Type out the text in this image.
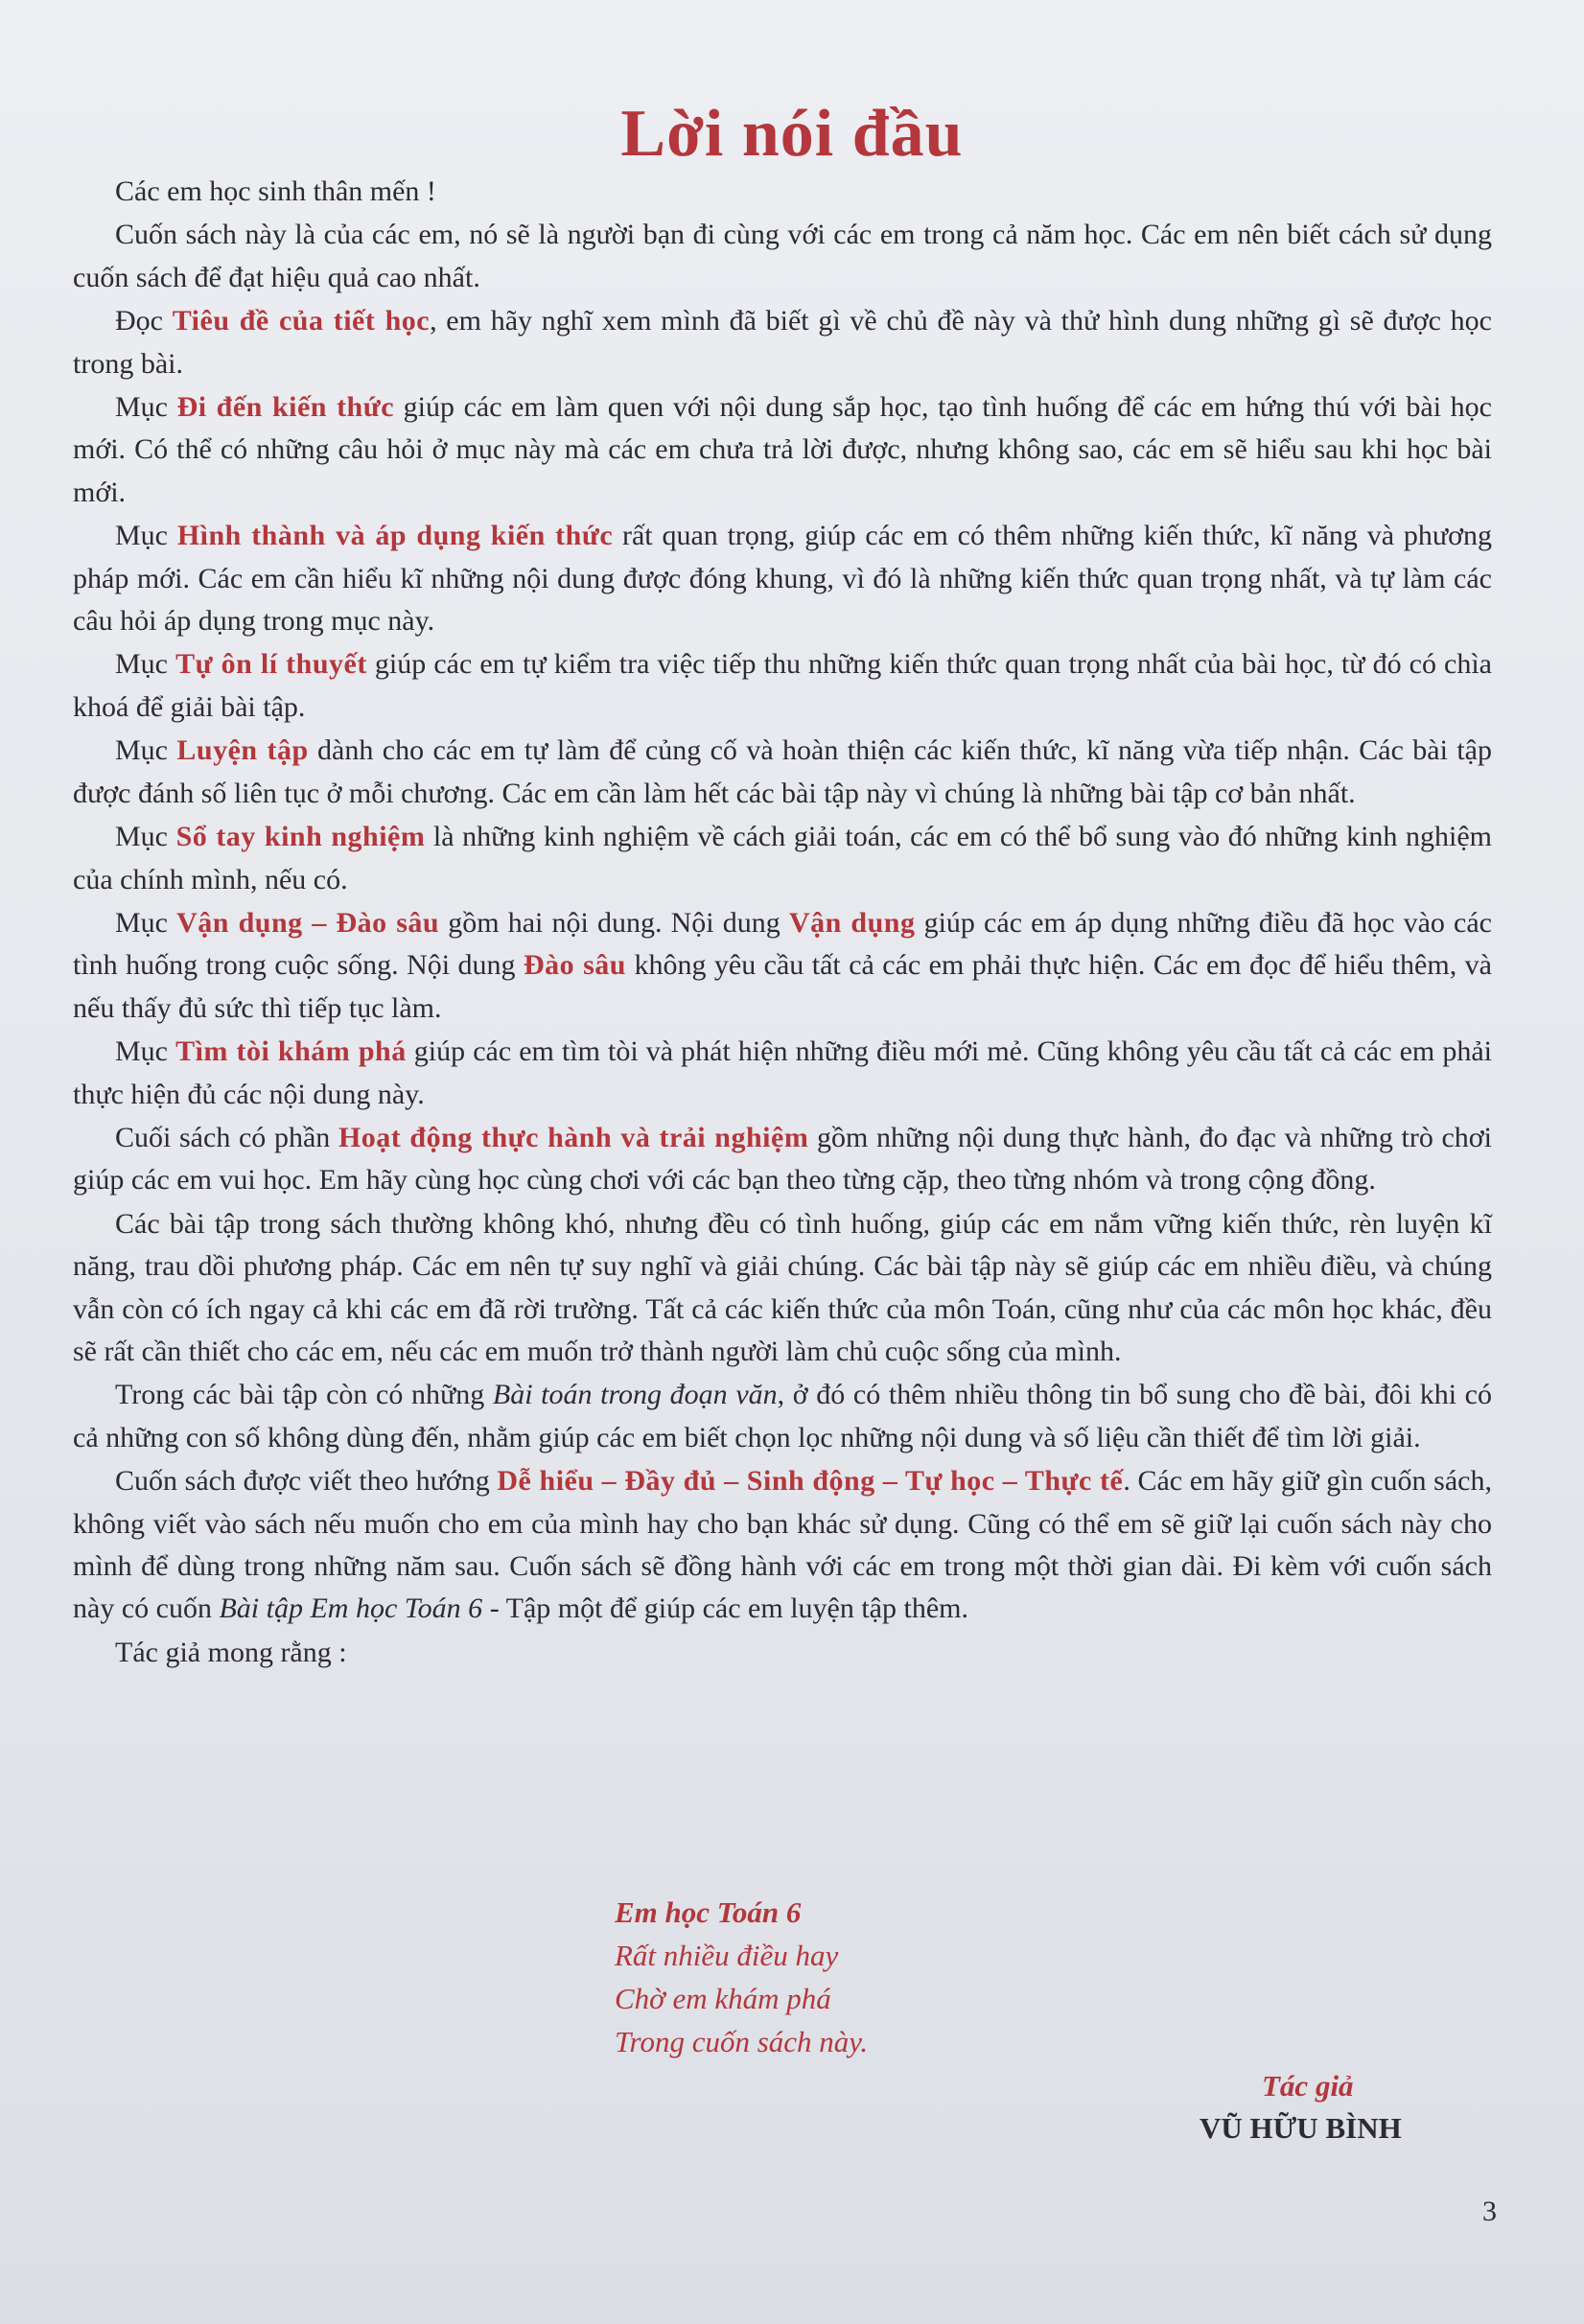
Lời nói đầu

Các em học sinh thân mến !

Cuốn sách này là của các em, nó sẽ là người bạn đi cùng với các em trong cả năm học. Các em nên biết cách sử dụng cuốn sách để đạt hiệu quả cao nhất.

Đọc Tiêu đề của tiết học, em hãy nghĩ xem mình đã biết gì về chủ đề này và thử hình dung những gì sẽ được học trong bài.

Mục Đi đến kiến thức giúp các em làm quen với nội dung sắp học, tạo tình huống để các em hứng thú với bài học mới. Có thể có những câu hỏi ở mục này mà các em chưa trả lời được, nhưng không sao, các em sẽ hiểu sau khi học bài mới.

Mục Hình thành và áp dụng kiến thức rất quan trọng, giúp các em có thêm những kiến thức, kĩ năng và phương pháp mới. Các em cần hiểu kĩ những nội dung được đóng khung, vì đó là những kiến thức quan trọng nhất, và tự làm các câu hỏi áp dụng trong mục này.

Mục Tự ôn lí thuyết giúp các em tự kiểm tra việc tiếp thu những kiến thức quan trọng nhất của bài học, từ đó có chìa khoá để giải bài tập.

Mục Luyện tập dành cho các em tự làm để củng cố và hoàn thiện các kiến thức, kĩ năng vừa tiếp nhận. Các bài tập được đánh số liên tục ở mỗi chương. Các em cần làm hết các bài tập này vì chúng là những bài tập cơ bản nhất.

Mục Sổ tay kinh nghiệm là những kinh nghiệm về cách giải toán, các em có thể bổ sung vào đó những kinh nghiệm của chính mình, nếu có.

Mục Vận dụng – Đào sâu gồm hai nội dung. Nội dung Vận dụng giúp các em áp dụng những điều đã học vào các tình huống trong cuộc sống. Nội dung Đào sâu không yêu cầu tất cả các em phải thực hiện. Các em đọc để hiểu thêm, và nếu thấy đủ sức thì tiếp tục làm.

Mục Tìm tòi khám phá giúp các em tìm tòi và phát hiện những điều mới mẻ. Cũng không yêu cầu tất cả các em phải thực hiện đủ các nội dung này.

Cuối sách có phần Hoạt động thực hành và trải nghiệm gồm những nội dung thực hành, đo đạc và những trò chơi giúp các em vui học. Em hãy cùng học cùng chơi với các bạn theo từng cặp, theo từng nhóm và trong cộng đồng.

Các bài tập trong sách thường không khó, nhưng đều có tình huống, giúp các em nắm vững kiến thức, rèn luyện kĩ năng, trau dồi phương pháp. Các em nên tự suy nghĩ và giải chúng. Các bài tập này sẽ giúp các em nhiều điều, và chúng vẫn còn có ích ngay cả khi các em đã rời trường. Tất cả các kiến thức của môn Toán, cũng như của các môn học khác, đều sẽ rất cần thiết cho các em, nếu các em muốn trở thành người làm chủ cuộc sống của mình.

Trong các bài tập còn có những Bài toán trong đoạn văn, ở đó có thêm nhiều thông tin bổ sung cho đề bài, đôi khi có cả những con số không dùng đến, nhằm giúp các em biết chọn lọc những nội dung và số liệu cần thiết để tìm lời giải.

Cuốn sách được viết theo hướng Dễ hiểu – Đầy đủ – Sinh động – Tự học – Thực tế. Các em hãy giữ gìn cuốn sách, không viết vào sách nếu muốn cho em của mình hay cho bạn khác sử dụng. Cũng có thể em sẽ giữ lại cuốn sách này cho mình để dùng trong những năm sau. Cuốn sách sẽ đồng hành với các em trong một thời gian dài. Đi kèm với cuốn sách này có cuốn Bài tập Em học Toán 6 - Tập một để giúp các em luyện tập thêm.

Tác giả mong rằng :

Em học Toán 6
Rất nhiều điều hay
Chờ em khám phá
Trong cuốn sách này.
Tác giả
VŨ HỮU BÌNH
3
